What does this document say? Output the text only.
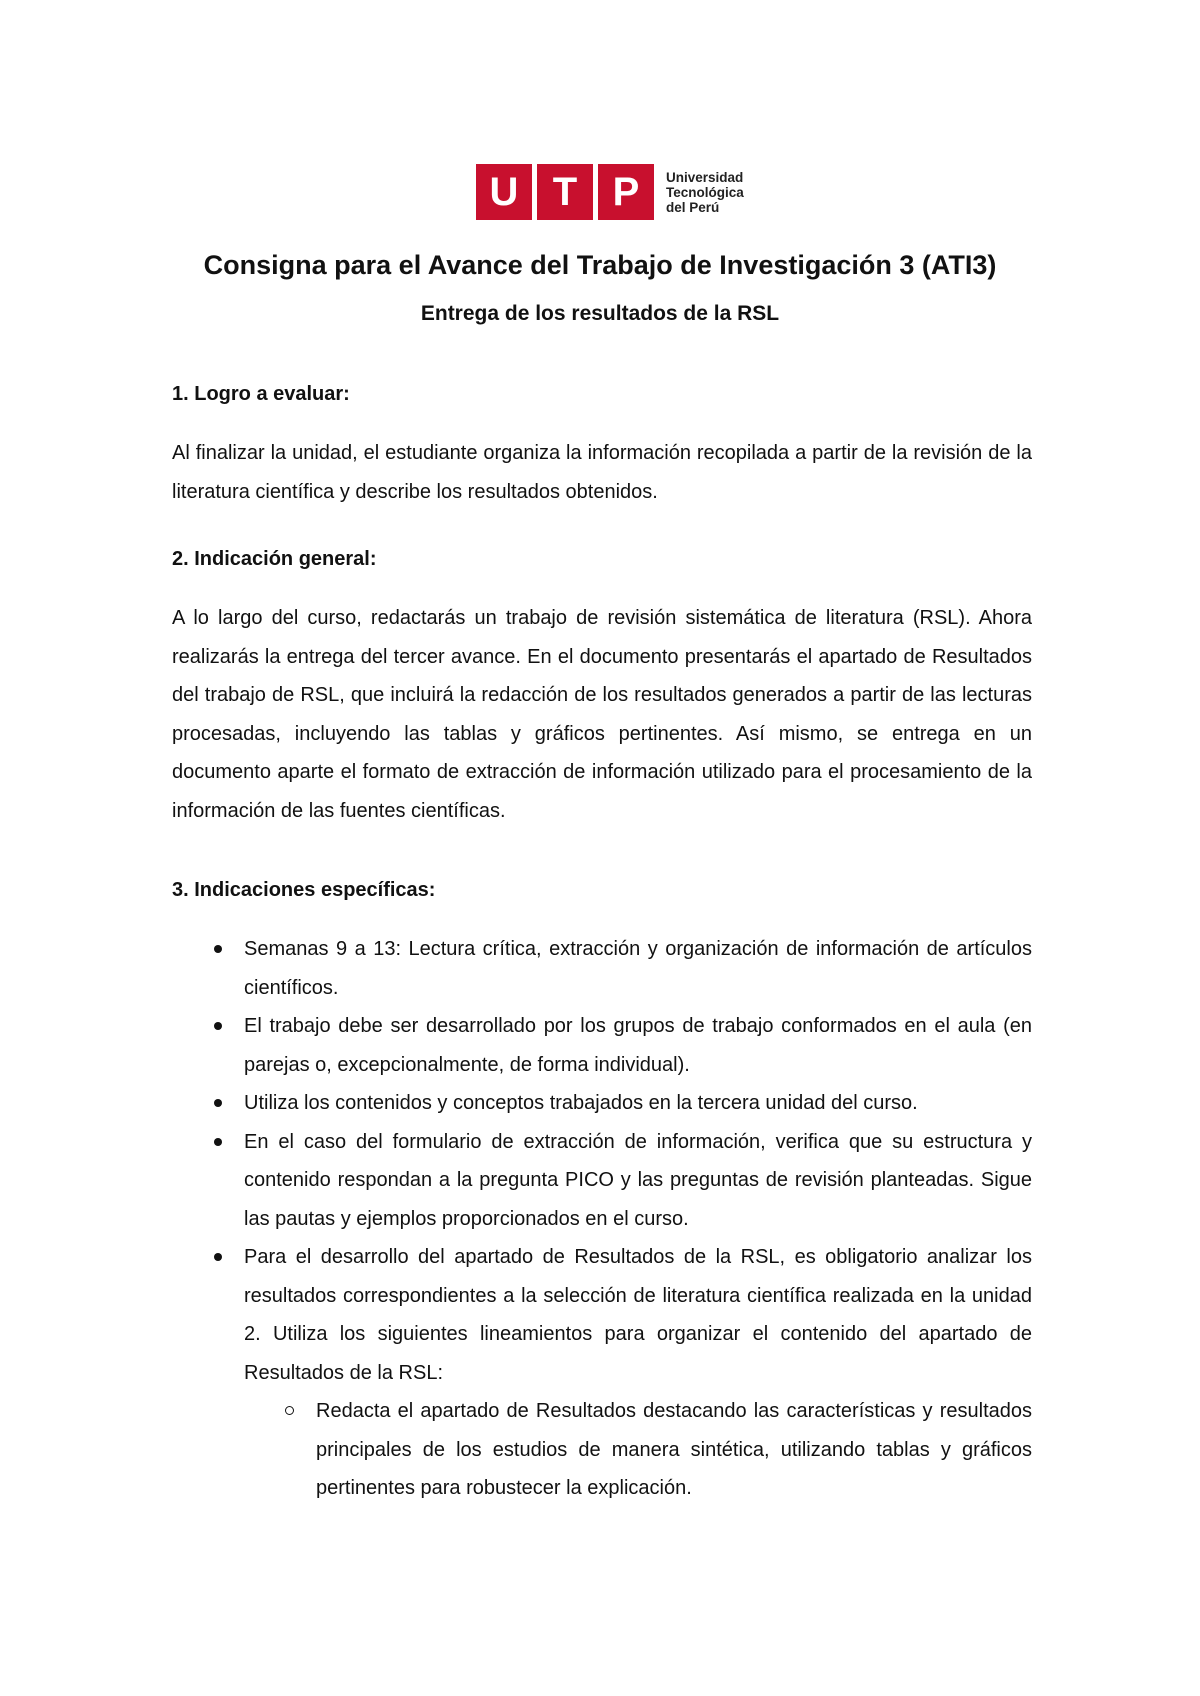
U T P	Universidad
Tecnológica
del Perú
Consigna para el Avance del Trabajo de Investigación 3 (ATI3)
Entrega de los resultados de la RSL
1. Logro a evaluar:

Al finalizar la unidad, el estudiante organiza la información recopilada a partir de la revisión de la literatura científica y describe los resultados obtenidos.

2. Indicación general:

A lo largo del curso, redactarás un trabajo de revisión sistemática de literatura (RSL). Ahora realizarás la entrega del tercer avance. En el documento presentarás el apartado de Resultados del trabajo de RSL, que incluirá la redacción de los resultados generados a partir de las lecturas procesadas, incluyendo las tablas y gráficos pertinentes. Así mismo, se entrega en un documento aparte el formato de extracción de información utilizado para el procesamiento de la información de las fuentes científicas.

3. Indicaciones específicas:
Semanas 9 a 13: Lectura crítica, extracción y organización de información de artículos científicos.
El trabajo debe ser desarrollado por los grupos de trabajo conformados en el aula (en parejas o, excepcionalmente, de forma individual).
Utiliza los contenidos y conceptos trabajados en la tercera unidad del curso.
En el caso del formulario de extracción de información, verifica que su estructura y contenido respondan a la pregunta PICO y las preguntas de revisión planteadas. Sigue las pautas y ejemplos proporcionados en el curso.
Para el desarrollo del apartado de Resultados de la RSL, es obligatorio analizar los resultados correspondientes a la selección de literatura científica realizada en la unidad 2. Utiliza los siguientes lineamientos para organizar el contenido del apartado de Resultados de la RSL:
Redacta el apartado de Resultados destacando las características y resultados principales de los estudios de manera sintética, utilizando tablas y gráficos pertinentes para robustecer la explicación.
